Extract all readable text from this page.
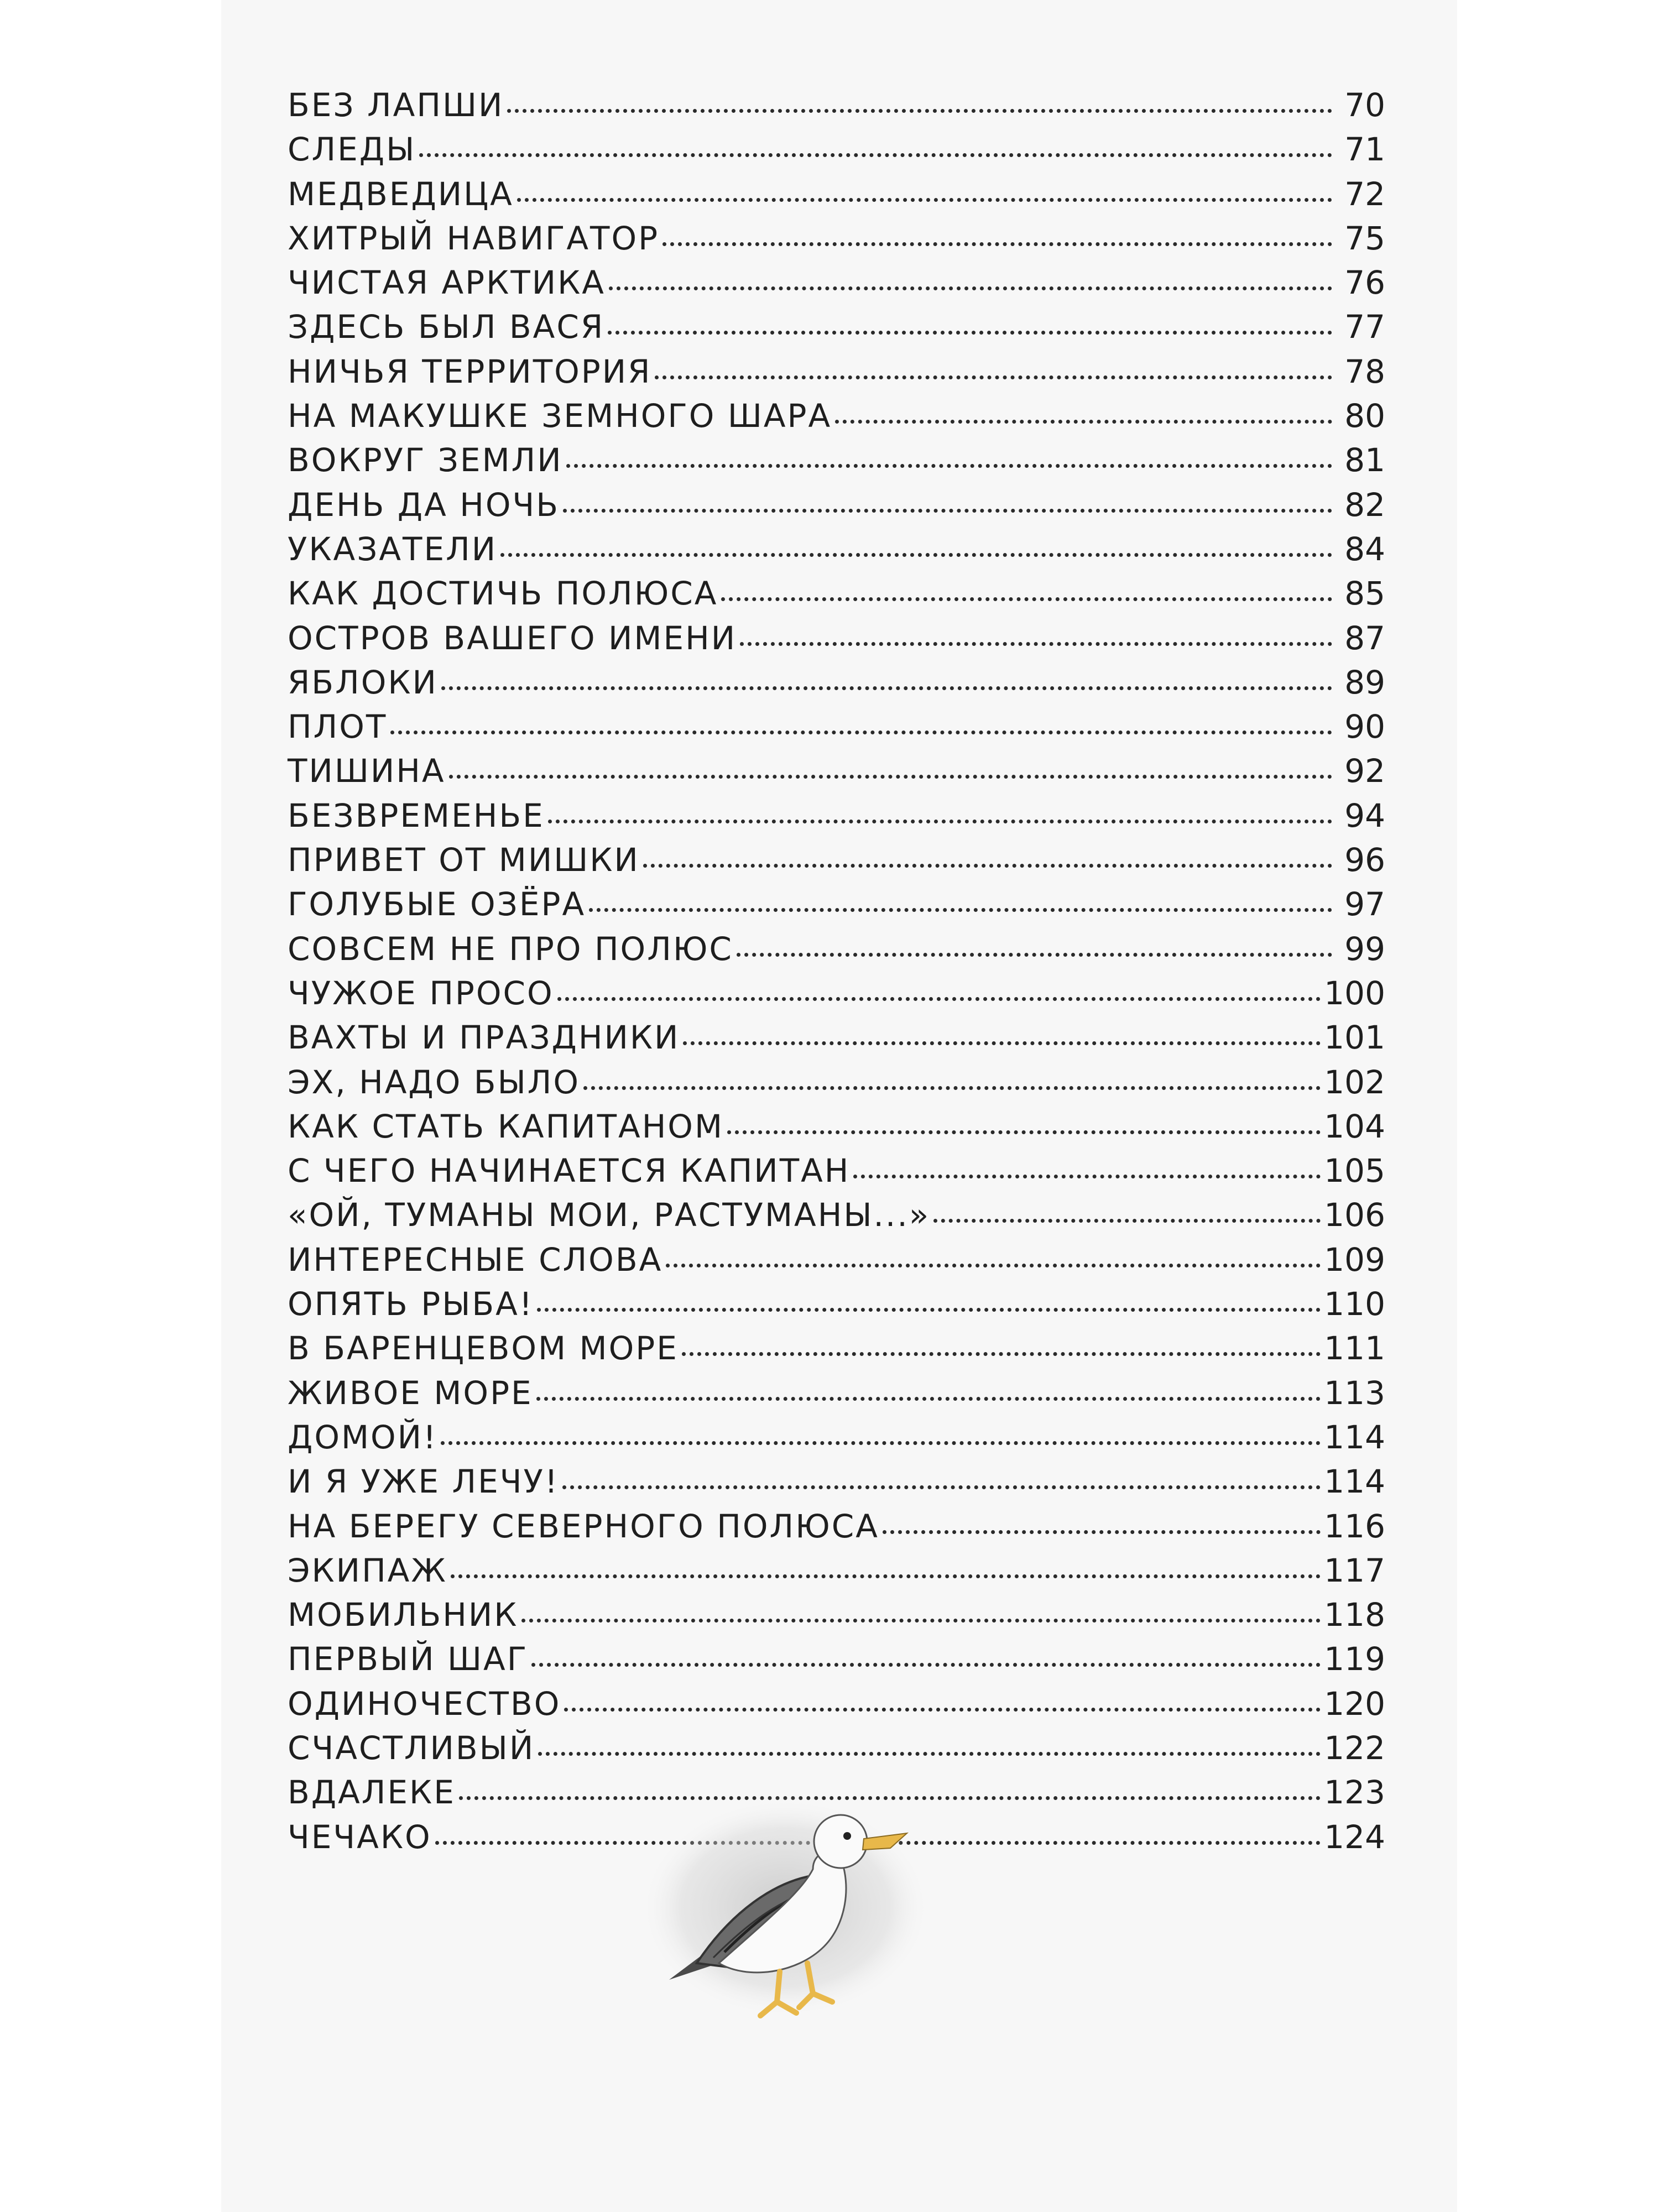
БЕЗ ЛАПШИ	70
СЛЕДЫ	71
МЕДВЕДИЦА	72
ХИТРЫЙ НАВИГАТОР	75
ЧИСТАЯ АРКТИКА	76
ЗДЕСЬ БЫЛ ВАСЯ	77
НИЧЬЯ ТЕРРИТОРИЯ	78
НА МАКУШКЕ ЗЕМНОГО ШАРА	80
ВОКРУГ ЗЕМЛИ	81
ДЕНЬ ДА НОЧЬ	82
УКАЗАТЕЛИ	84
КАК ДОСТИЧЬ ПОЛЮСА	85
ОСТРОВ ВАШЕГО ИМЕНИ	87
ЯБЛОКИ	89
ПЛОТ	90
ТИШИНА	92
БЕЗВРЕМЕНЬЕ	94
ПРИВЕТ ОТ МИШКИ	96
ГОЛУБЫЕ ОЗЁРА	97
СОВСЕМ НЕ ПРО ПОЛЮС	99
ЧУЖОЕ ПРОСО	100
ВАХТЫ И ПРАЗДНИКИ	101
ЭХ, НАДО БЫЛО	102
КАК СТАТЬ КАПИТАНОМ	104
С ЧЕГО НАЧИНАЕТСЯ КАПИТАН	105
«ОЙ, ТУМАНЫ МОИ, РАСТУМАНЫ...»	106
ИНТЕРЕСНЫЕ СЛОВА	109
ОПЯТЬ РЫБА!	110
В БАРЕНЦЕВОМ МОРЕ	111
ЖИВОЕ МОРЕ	113
ДОМОЙ!	114
И Я УЖЕ ЛЕЧУ!	114
НА БЕРЕГУ СЕВЕРНОГО ПОЛЮСА	116
ЭКИПАЖ	117
МОБИЛЬНИК	118
ПЕРВЫЙ ШАГ	119
ОДИНОЧЕСТВО	120
СЧАСТЛИВЫЙ	122
ВДАЛЕКЕ	123
ЧЕЧАКО	124
